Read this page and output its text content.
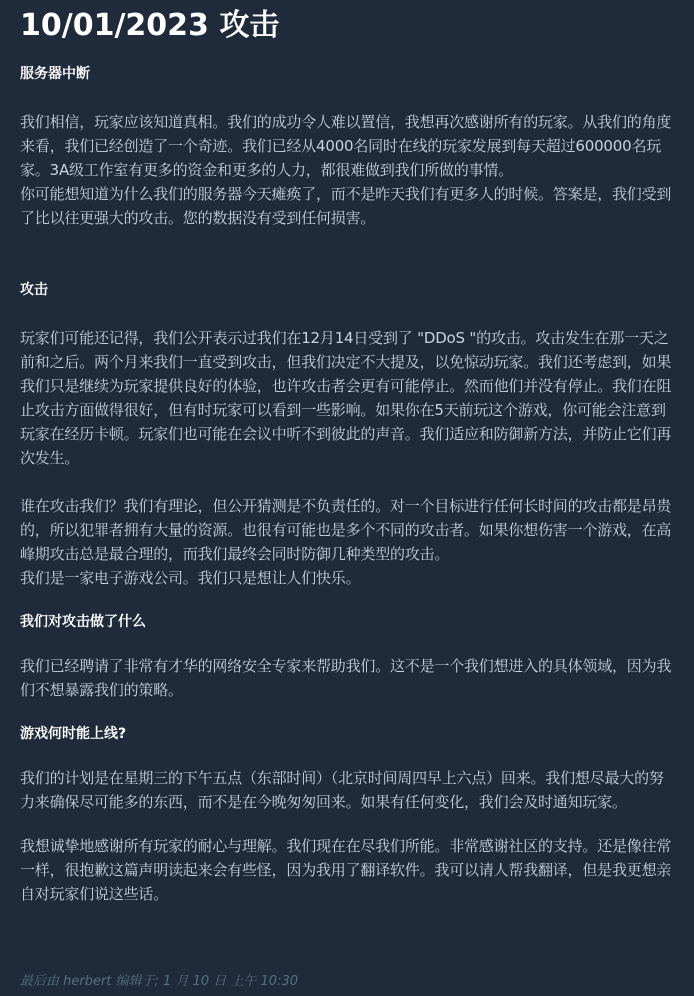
10/01/2023 攻击
服务器中断

我们相信，玩家应该知道真相。我们的成功令人难以置信，我想再次感谢所有的玩家。从我们的角度来看，我们已经创造了一个奇迹。我们已经从4000名同时在线的玩家发展到每天超过600000名玩家。3A级工作室有更多的资金和更多的人力，都很难做到我们所做的事情。

你可能想知道为什么我们的服务器今天瘫痪了，而不是昨天我们有更多人的时候。答案是，我们受到了比以往更强大的攻击。您的数据没有受到任何损害。

攻击

玩家们可能还记得，我们公开表示过我们在12月14日受到了 "DDoS "的攻击。攻击发生在那一天之前和之后。两个月来我们一直受到攻击，但我们决定不大提及，以免惊动玩家。我们还考虑到，如果我们只是继续为玩家提供良好的体验，也许攻击者会更有可能停止。然而他们并没有停止。我们在阻止攻击方面做得很好，但有时玩家可以看到一些影响。如果你在5天前玩这个游戏，你可能会注意到玩家在经历卡顿。玩家们也可能在会议中听不到彼此的声音。我们适应和防御新方法，并防止它们再次发生。

谁在攻击我们？我们有理论，但公开猜测是不负责任的。对一个目标进行任何长时间的攻击都是昂贵的，所以犯罪者拥有大量的资源。也很有可能也是多个不同的攻击者。如果你想伤害一个游戏，在高峰期攻击总是最合理的，而我们最终会同时防御几种类型的攻击。

我们是一家电子游戏公司。我们只是想让人们快乐。

我们对攻击做了什么

我们已经聘请了非常有才华的网络安全专家来帮助我们。这不是一个我们想进入的具体领域，因为我们不想暴露我们的策略。

游戏何时能上线?

我们的计划是在星期三的下午五点（东部时间）（北京时间周四早上六点）回来。我们想尽最大的努力来确保尽可能多的东西，而不是在今晚匆匆回来。如果有任何变化，我们会及时通知玩家。

我想诚挚地感谢所有玩家的耐心与理解。我们现在在尽我们所能。非常感谢社区的支持。还是像往常一样，很抱歉这篇声明读起来会有些怪，因为我用了翻译软件。我可以请人帮我翻译，但是我更想亲自对玩家们说这些话。

最后由 herbert 编辑于; 1 月 10 日 上午 10:30
